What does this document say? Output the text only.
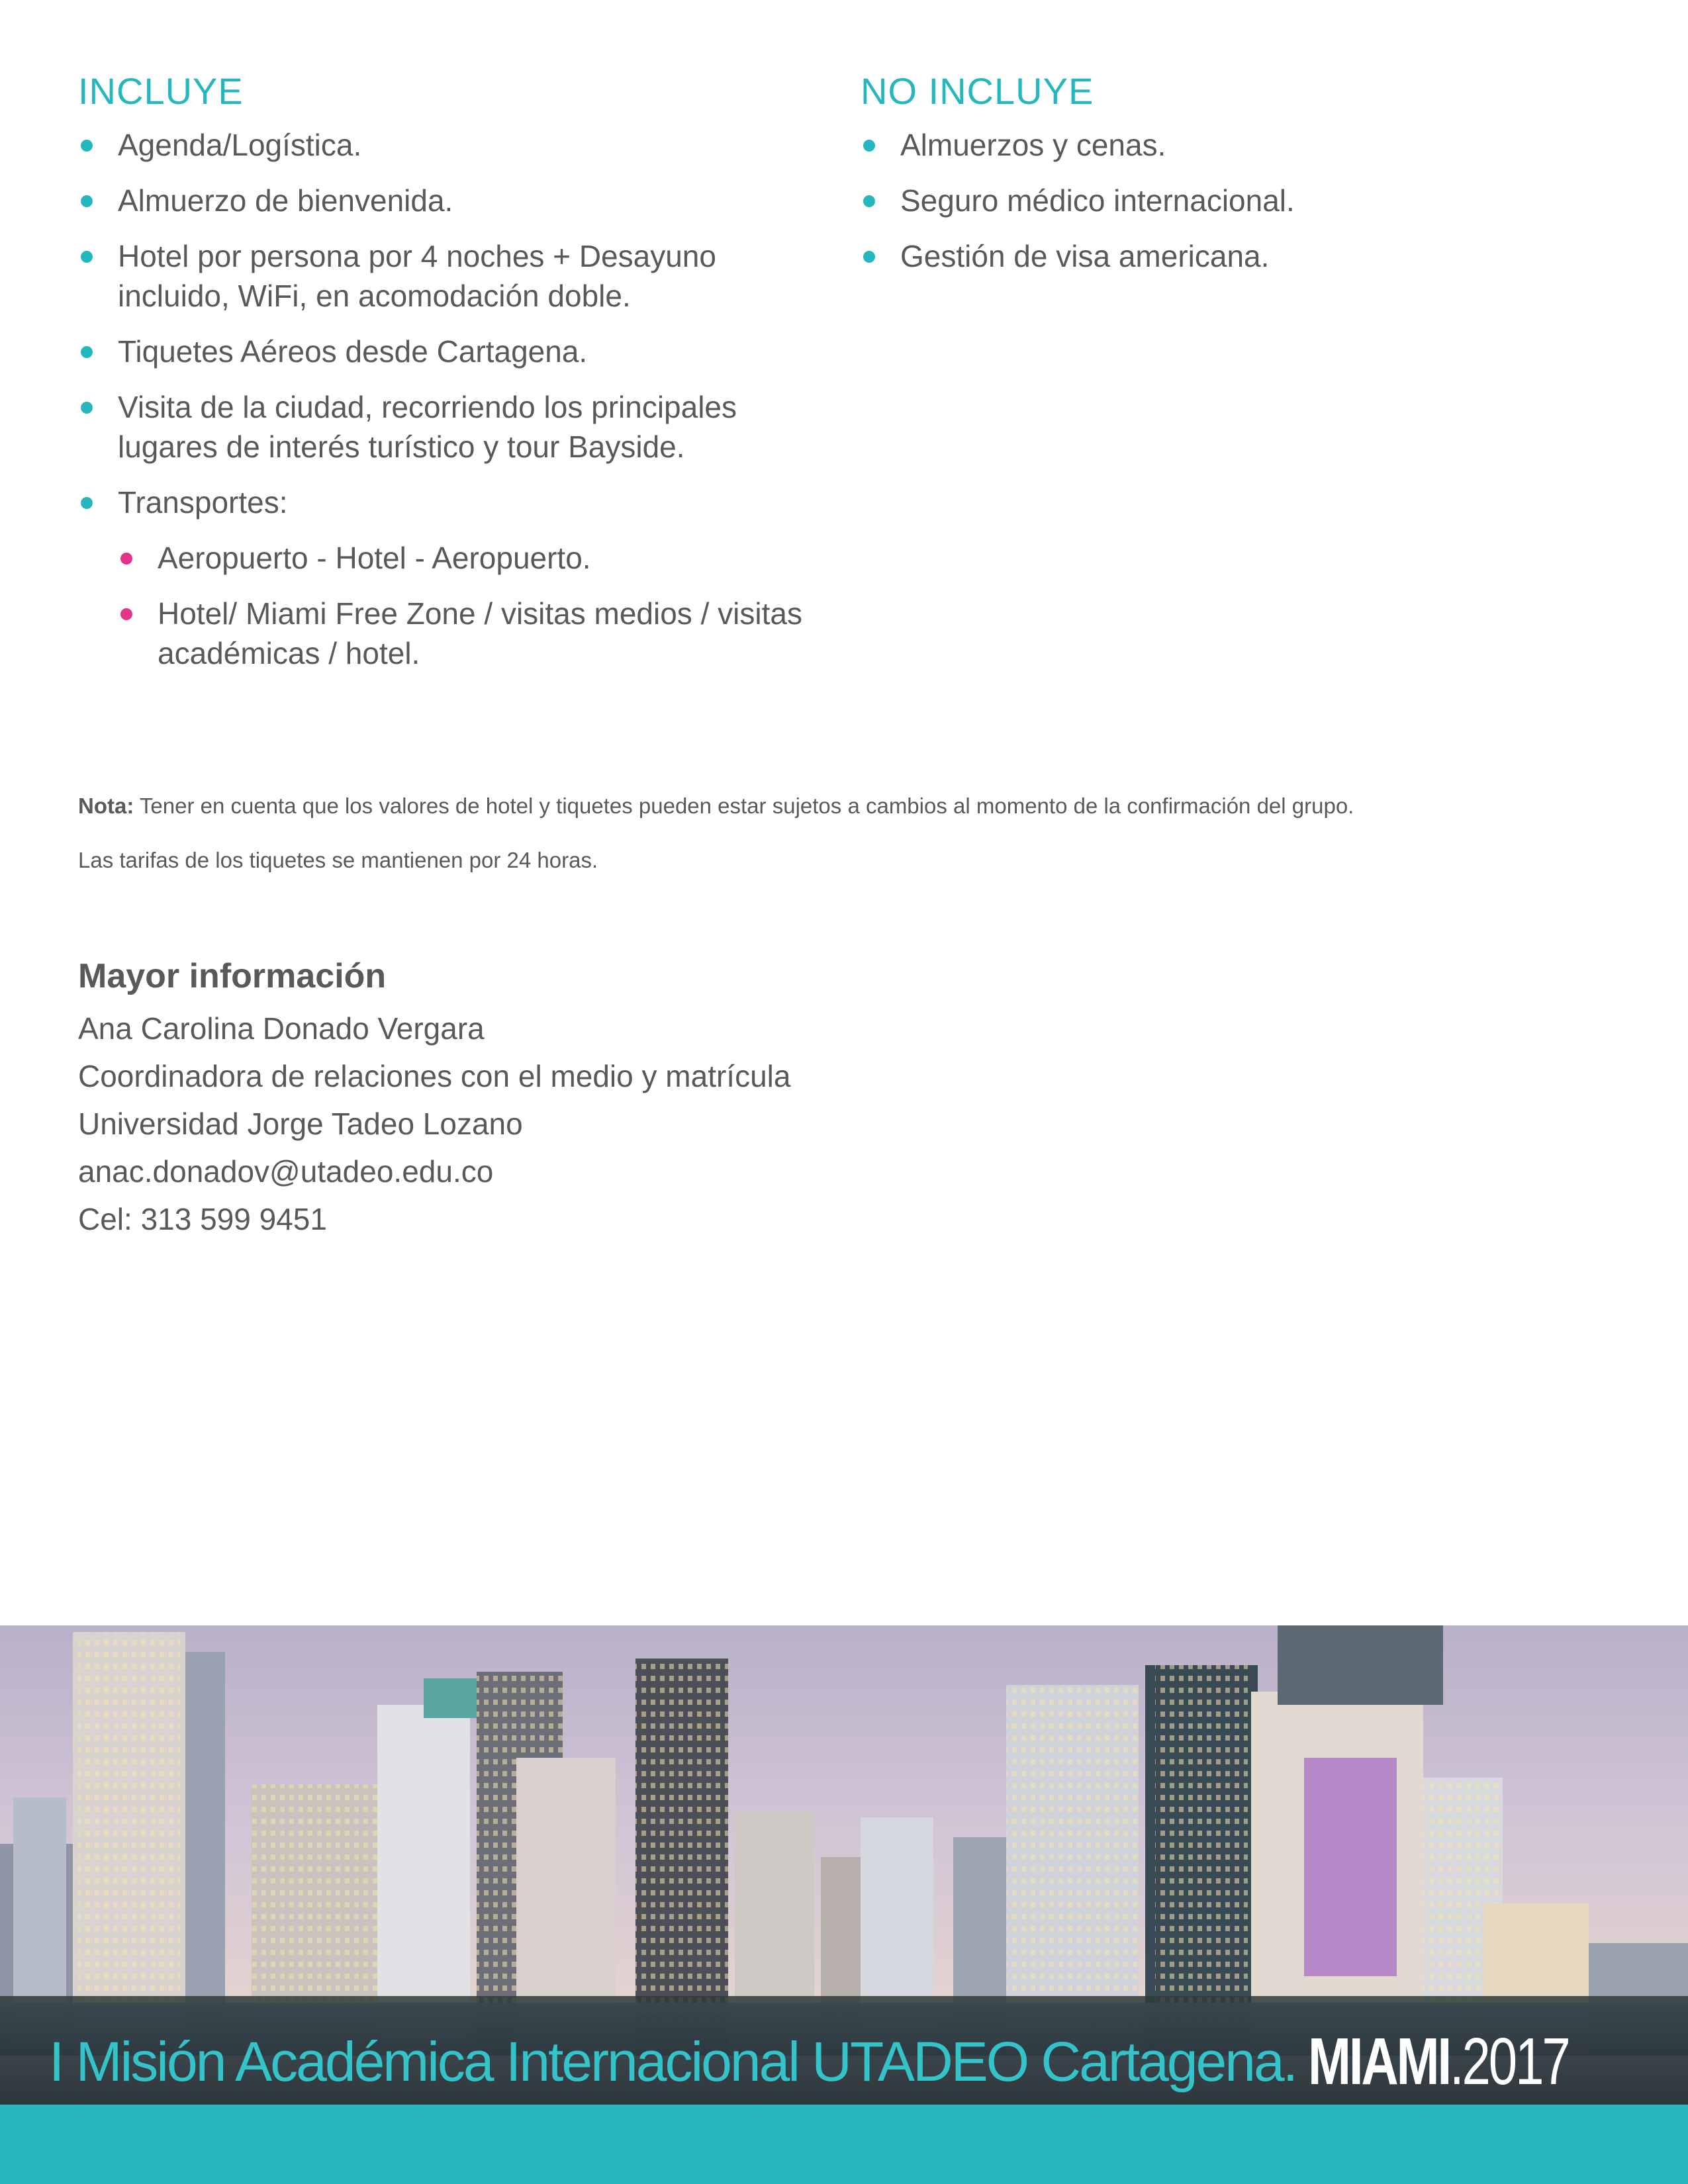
INCLUYE
Agenda/Logística.
Almuerzo de bienvenida.
Hotel por persona por 4 noches + Desayuno incluido, WiFi, en acomodación doble.
Tiquetes Aéreos desde Cartagena.
Visita de la ciudad, recorriendo los principales lugares de interés turístico y tour Bayside.
Transportes:
Aeropuerto - Hotel - Aeropuerto.
Hotel/ Miami Free Zone / visitas medios / visitas académicas / hotel.
NO INCLUYE
Almuerzos y cenas.
Seguro médico internacional.
Gestión de visa americana.
Nota: Tener en cuenta que los valores de hotel y tiquetes pueden estar sujetos a cambios al momento de la confirmación del grupo.
Las tarifas de los tiquetes se mantienen por 24 horas.
Mayor información
Ana Carolina Donado Vergara
Coordinadora de relaciones con el medio y matrícula
Universidad Jorge Tadeo Lozano
anac.donadov@utadeo.edu.co
Cel: 313 599 9451
I Misión Académica Internacional UTADEO Cartagena. MIAMI .2017
